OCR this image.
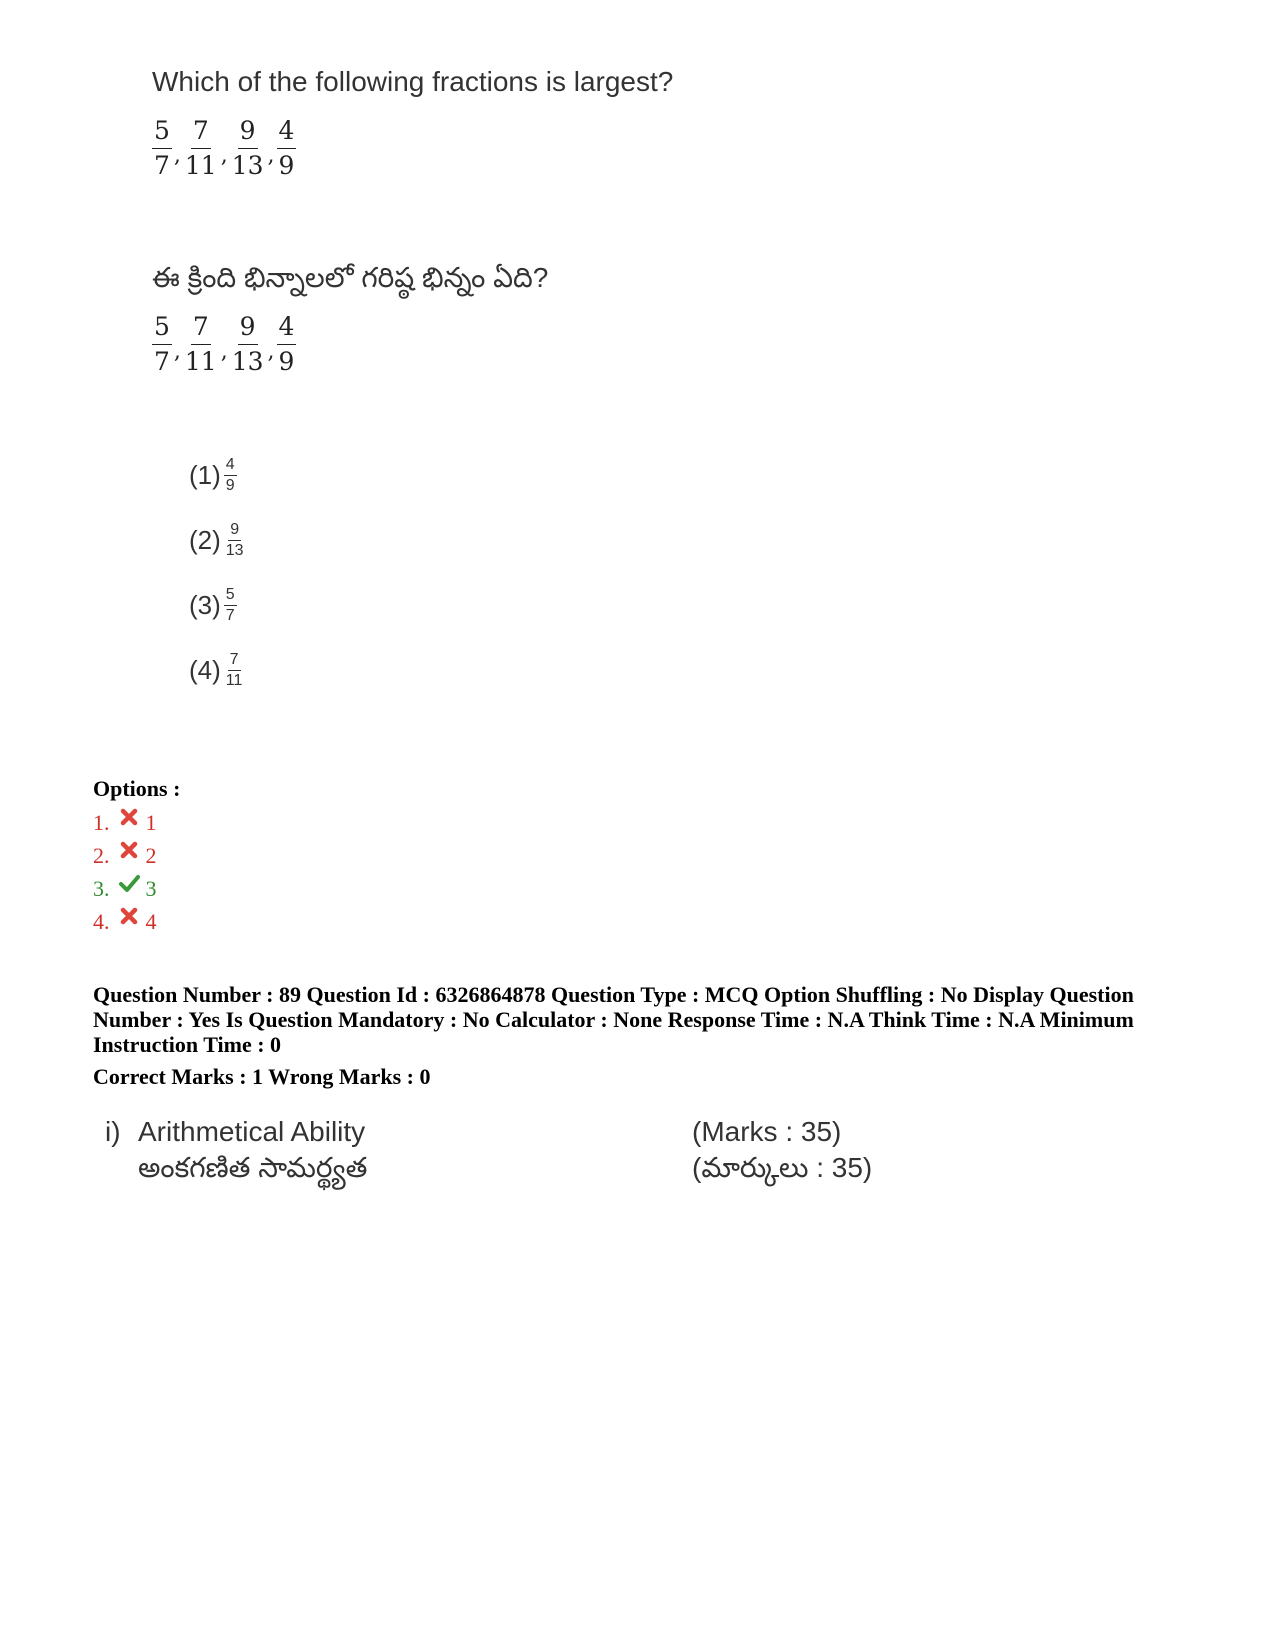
Which of the following fractions is largest?
$\frac{5}{7}$ , $\frac{7}{11}$ , $\frac{9}{13}$ , $\frac{4}{9}$
ఈ క్రింది భిన్నాలలో గరిష్ఠ భిన్నం ఏది?
$\frac{5}{7}$ , $\frac{7}{11}$ , $\frac{9}{13}$ , $\frac{4}{9}$
(1) 4
9
(2) 9
13
(3) 5
7
(4) 7
11
Options :
1. 1
2. 2
3. 3
4. 4
Question Number : 89 Question Id : 6326864878 Question Type : MCQ Option Shuffling : No Display Question Number : Yes Is Question Mandatory : No Calculator : None Response Time : N.A Think Time : N.A Minimum Instruction Time : 0
Correct Marks : 1 Wrong Marks : 0
i) Arithmetical Ability
అంకగణిత సామర్థ్యత
(Marks : 35)
(మార్కులు : 35)
